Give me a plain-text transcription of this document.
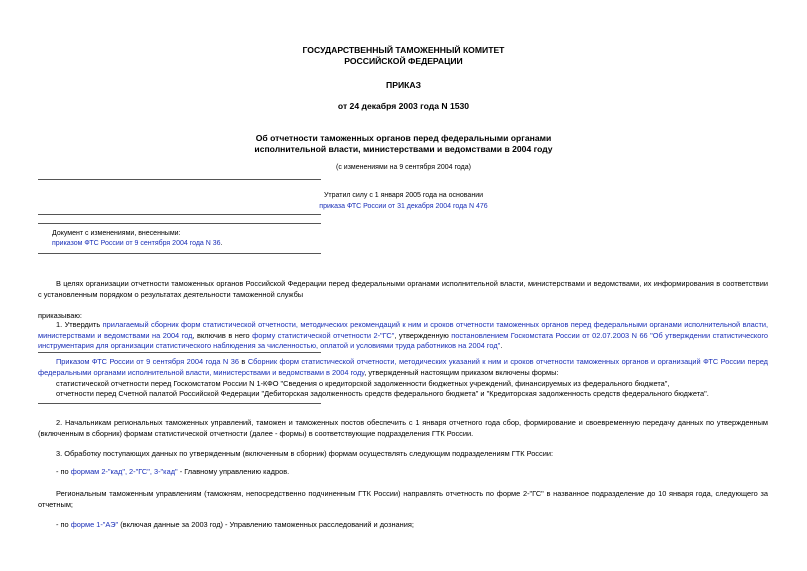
ГОСУДАРСТВЕННЫЙ ТАМОЖЕННЫЙ КОМИТЕТ
РОССИЙСКОЙ ФЕДЕРАЦИИ
ПРИКАЗ
от 24 декабря 2003 года N 1530
Об отчетности таможенных органов перед федеральными органами
исполнительной власти, министерствами и ведомствами в 2004 году
(с изменениями на 9 сентября 2004 года)
Утратил силу с 1 января 2005 года на основании
приказа ФТС России от 31 декабря 2004 года N 476
Документ с изменениями, внесенными:
приказом ФТС России от 9 сентября 2004 года N 36.
В целях организации отчетности таможенных органов Российской Федерации перед федеральными органами исполнительной власти, министерствами и ведомствами, их информирования в соответствии с установленным порядком о результатах деятельности таможенной службы
приказываю:
1. Утвердить прилагаемый сборник форм статистической отчетности, методических рекомендаций к ним и сроков отчетности таможенных органов перед федеральными органами исполнительной власти, министерствами и ведомствами на 2004 год, включив в него форму статистической отчетности 2-"ГС", утвержденную постановлением Госкомстата России от 02.07.2003 N 66 "Об утверждении статистического инструментария для организации статистического наблюдения за численностью, оплатой и условиями труда работников на 2004 год".
Приказом ФТС России от 9 сентября 2004 года N 36 в Сборник форм статистической отчетности, методических указаний к ним и сроков отчетности таможенных органов и организаций ФТС России перед федеральными органами исполнительной власти, министерствами и ведомствами в 2004 году, утвержденный настоящим приказом включены формы:
статистической отчетности перед Госкомстатом России N 1-КФО "Сведения о кредиторской задолженности бюджетных учреждений, финансируемых из федерального бюджета",
отчетности перед Счетной палатой Российской Федерации "Дебиторская задолженность средств федерального бюджета" и "Кредиторская задолженность средств федерального бюджета".
2. Начальникам региональных таможенных управлений, таможен и таможенных постов обеспечить с 1 января отчетного года сбор, формирование и своевременную передачу данных по утвержденным (включенным в сборник) формам статистической отчетности (далее - формы) в соответствующие подразделения ГТК России.
3. Обработку поступающих данных по утвержденным (включенным в сборник) формам осуществлять следующим подразделениям ГТК России:
- по формам 2-"кад", 2-"ГС", 3-"кад" - Главному управлению кадров.
Региональным таможенным управлениям (таможням, непосредственно подчиненным ГТК России) направлять отчетность по форме 2-"ГС" в названное подразделение до 10 января года, следующего за отчетным;
- по форме 1-"АЭ" (включая данные за 2003 год) - Управлению таможенных расследований и дознания;
